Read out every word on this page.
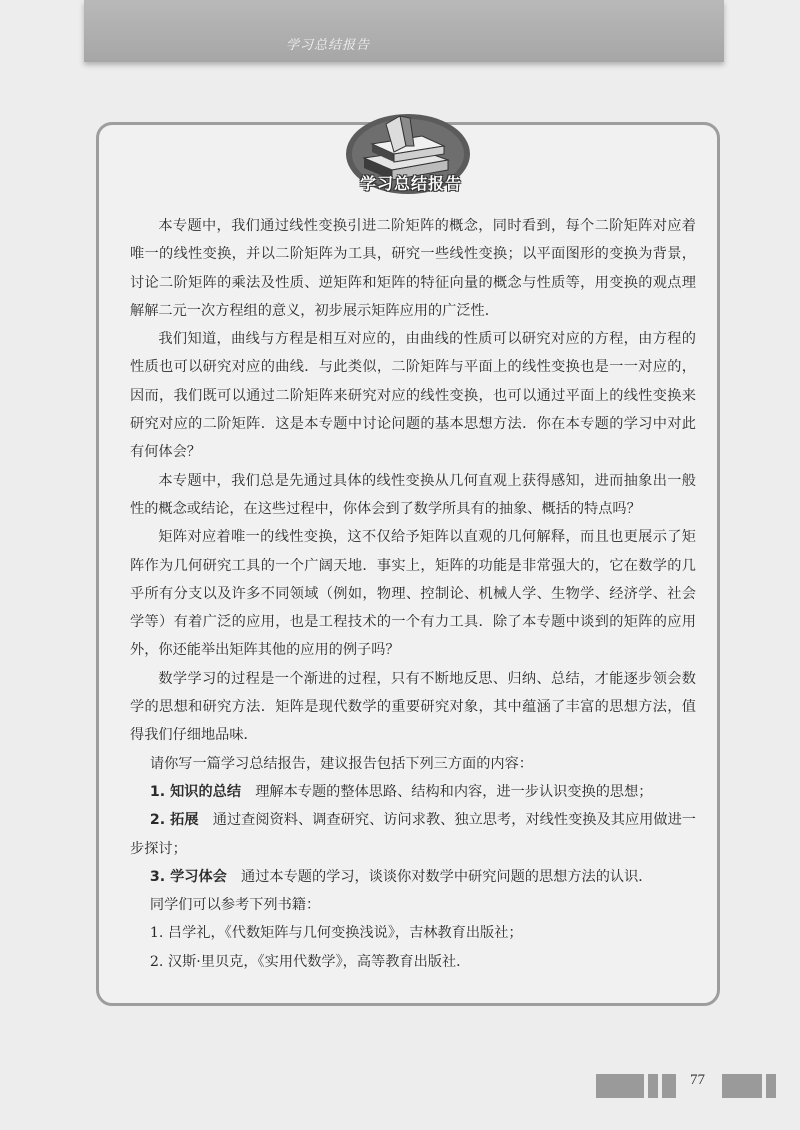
学习总结报告
学习总结报告

本专题中，我们通过线性变换引进二阶矩阵的概念，同时看到，每个二阶矩阵对应着唯一的线性变换，并以二阶矩阵为工具，研究一些线性变换；以平面图形的变换为背景，讨论二阶矩阵的乘法及性质、逆矩阵和矩阵的特征向量的概念与性质等，用变换的观点理解解二元一次方程组的意义，初步展示矩阵应用的广泛性．

我们知道，曲线与方程是相互对应的，由曲线的性质可以研究对应的方程，由方程的性质也可以研究对应的曲线．与此类似，二阶矩阵与平面上的线性变换也是一一对应的，因而，我们既可以通过二阶矩阵来研究对应的线性变换，也可以通过平面上的线性变换来研究对应的二阶矩阵．这是本专题中讨论问题的基本思想方法．你在本专题的学习中对此有何体会？

本专题中，我们总是先通过具体的线性变换从几何直观上获得感知，进而抽象出一般性的概念或结论，在这些过程中，你体会到了数学所具有的抽象、概括的特点吗？

矩阵对应着唯一的线性变换，这不仅给予矩阵以直观的几何解释，而且也更展示了矩阵作为几何研究工具的一个广阔天地．事实上，矩阵的功能是非常强大的，它在数学的几乎所有分支以及许多不同领域（例如，物理、控制论、机械人学、生物学、经济学、社会学等）有着广泛的应用，也是工程技术的一个有力工具．除了本专题中谈到的矩阵的应用外，你还能举出矩阵其他的应用的例子吗？

数学学习的过程是一个渐进的过程，只有不断地反思、归纳、总结，才能逐步领会数学的思想和研究方法．矩阵是现代数学的重要研究对象，其中蕴涵了丰富的思想方法，值得我们仔细地品味．

请你写一篇学习总结报告，建议报告包括下列三方面的内容：

1. 知识的总结 理解本专题的整体思路、结构和内容，进一步认识变换的思想；

2. 拓展 通过查阅资料、调查研究、访问求教、独立思考，对线性变换及其应用做进一步探讨；

3. 学习体会 通过本专题的学习，谈谈你对数学中研究问题的思想方法的认识．

同学们可以参考下列书籍：

1. 吕学礼，《代数矩阵与几何变换浅说》，吉林教育出版社；

2. 汉斯·里贝克，《实用代数学》，高等教育出版社．

77
